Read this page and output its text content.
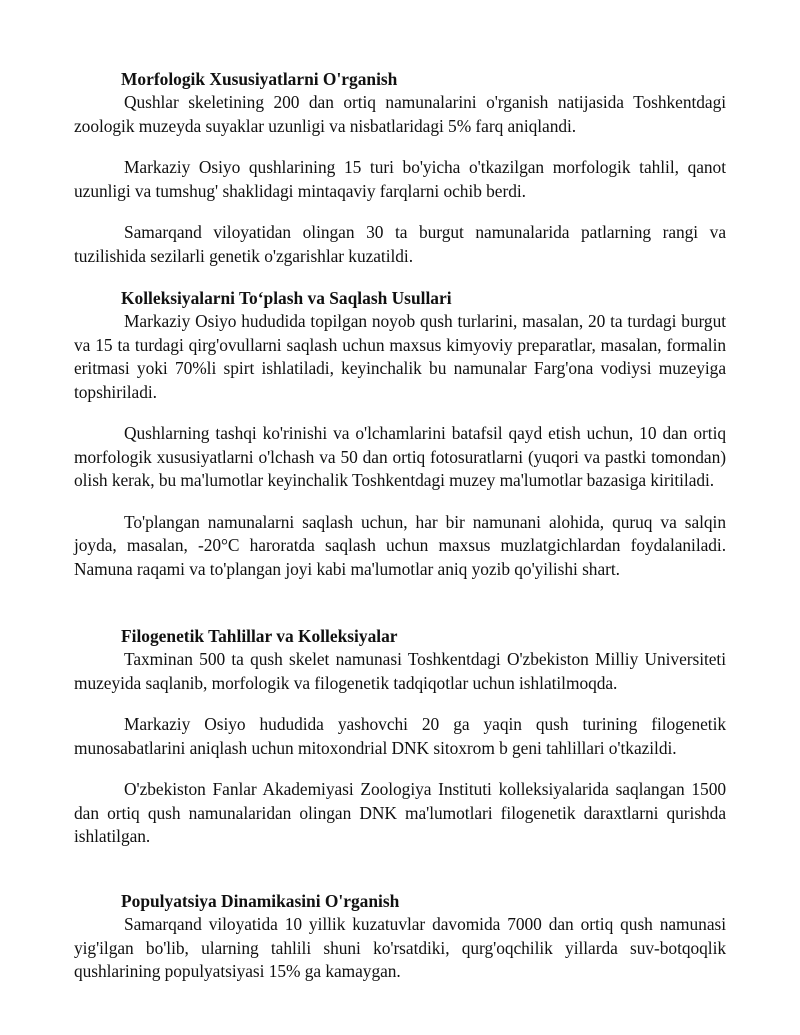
Morfologik Xususiyatlarni O'rganish

Qushlar skeletining 200 dan ortiq namunalarini o'rganish natijasida Toshkentdagi zoologik muzeyda suyaklar uzunligi va nisbatlaridagi 5% farq aniqlandi.

Markaziy Osiyo qushlarining 15 turi bo'yicha o'tkazilgan morfologik tahlil, qanot uzunligi va tumshug' shaklidagi mintaqaviy farqlarni ochib berdi.

Samarqand viloyatidan olingan 30 ta burgut namunalarida patlarning rangi va tuzilishida sezilarli genetik o'zgarishlar kuzatildi.

Kolleksiyalarni To‘plash va Saqlash Usullari

Markaziy Osiyo hududida topilgan noyob qush turlarini, masalan, 20 ta turdagi burgut va 15 ta turdagi qirg'ovullarni saqlash uchun maxsus kimyoviy preparatlar, masalan, formalin eritmasi yoki 70%li spirt ishlatiladi, keyinchalik bu namunalar Farg'ona vodiysi muzeyiga topshiriladi.

Qushlarning tashqi ko'rinishi va o'lchamlarini batafsil qayd etish uchun, 10 dan ortiq morfologik xususiyatlarni o'lchash va 50 dan ortiq fotosuratlarni (yuqori va pastki tomondan) olish kerak, bu ma'lumotlar keyinchalik Toshkentdagi muzey ma'lumotlar bazasiga kiritiladi.

To'plangan namunalarni saqlash uchun, har bir namunani alohida, quruq va salqin joyda, masalan, -20°C haroratda saqlash uchun maxsus muzlatgichlardan foydalaniladi. Namuna raqami va to'plangan joyi kabi ma'lumotlar aniq yozib qo'yilishi shart.

Filogenetik Tahlillar va Kolleksiyalar

Taxminan 500 ta qush skelet namunasi Toshkentdagi O'zbekiston Milliy Universiteti muzeyida saqlanib, morfologik va filogenetik tadqiqotlar uchun ishlatilmoqda.

Markaziy Osiyo hududida yashovchi 20 ga yaqin qush turining filogenetik munosabatlarini aniqlash uchun mitoxondrial DNK sitoxrom b geni tahlillari o'tkazildi.

O'zbekiston Fanlar Akademiyasi Zoologiya Instituti kolleksiyalarida saqlangan 1500 dan ortiq qush namunalaridan olingan DNK ma'lumotlari filogenetik daraxtlarni qurishda ishlatilgan.

Populyatsiya Dinamikasini O'rganish

Samarqand viloyatida 10 yillik kuzatuvlar davomida 7000 dan ortiq qush namunasi yig'ilgan bo'lib, ularning tahlili shuni ko'rsatdiki, qurg'oqchilik yillarda suv-botqoqlik qushlarining populyatsiyasi 15% ga kamaygan.
